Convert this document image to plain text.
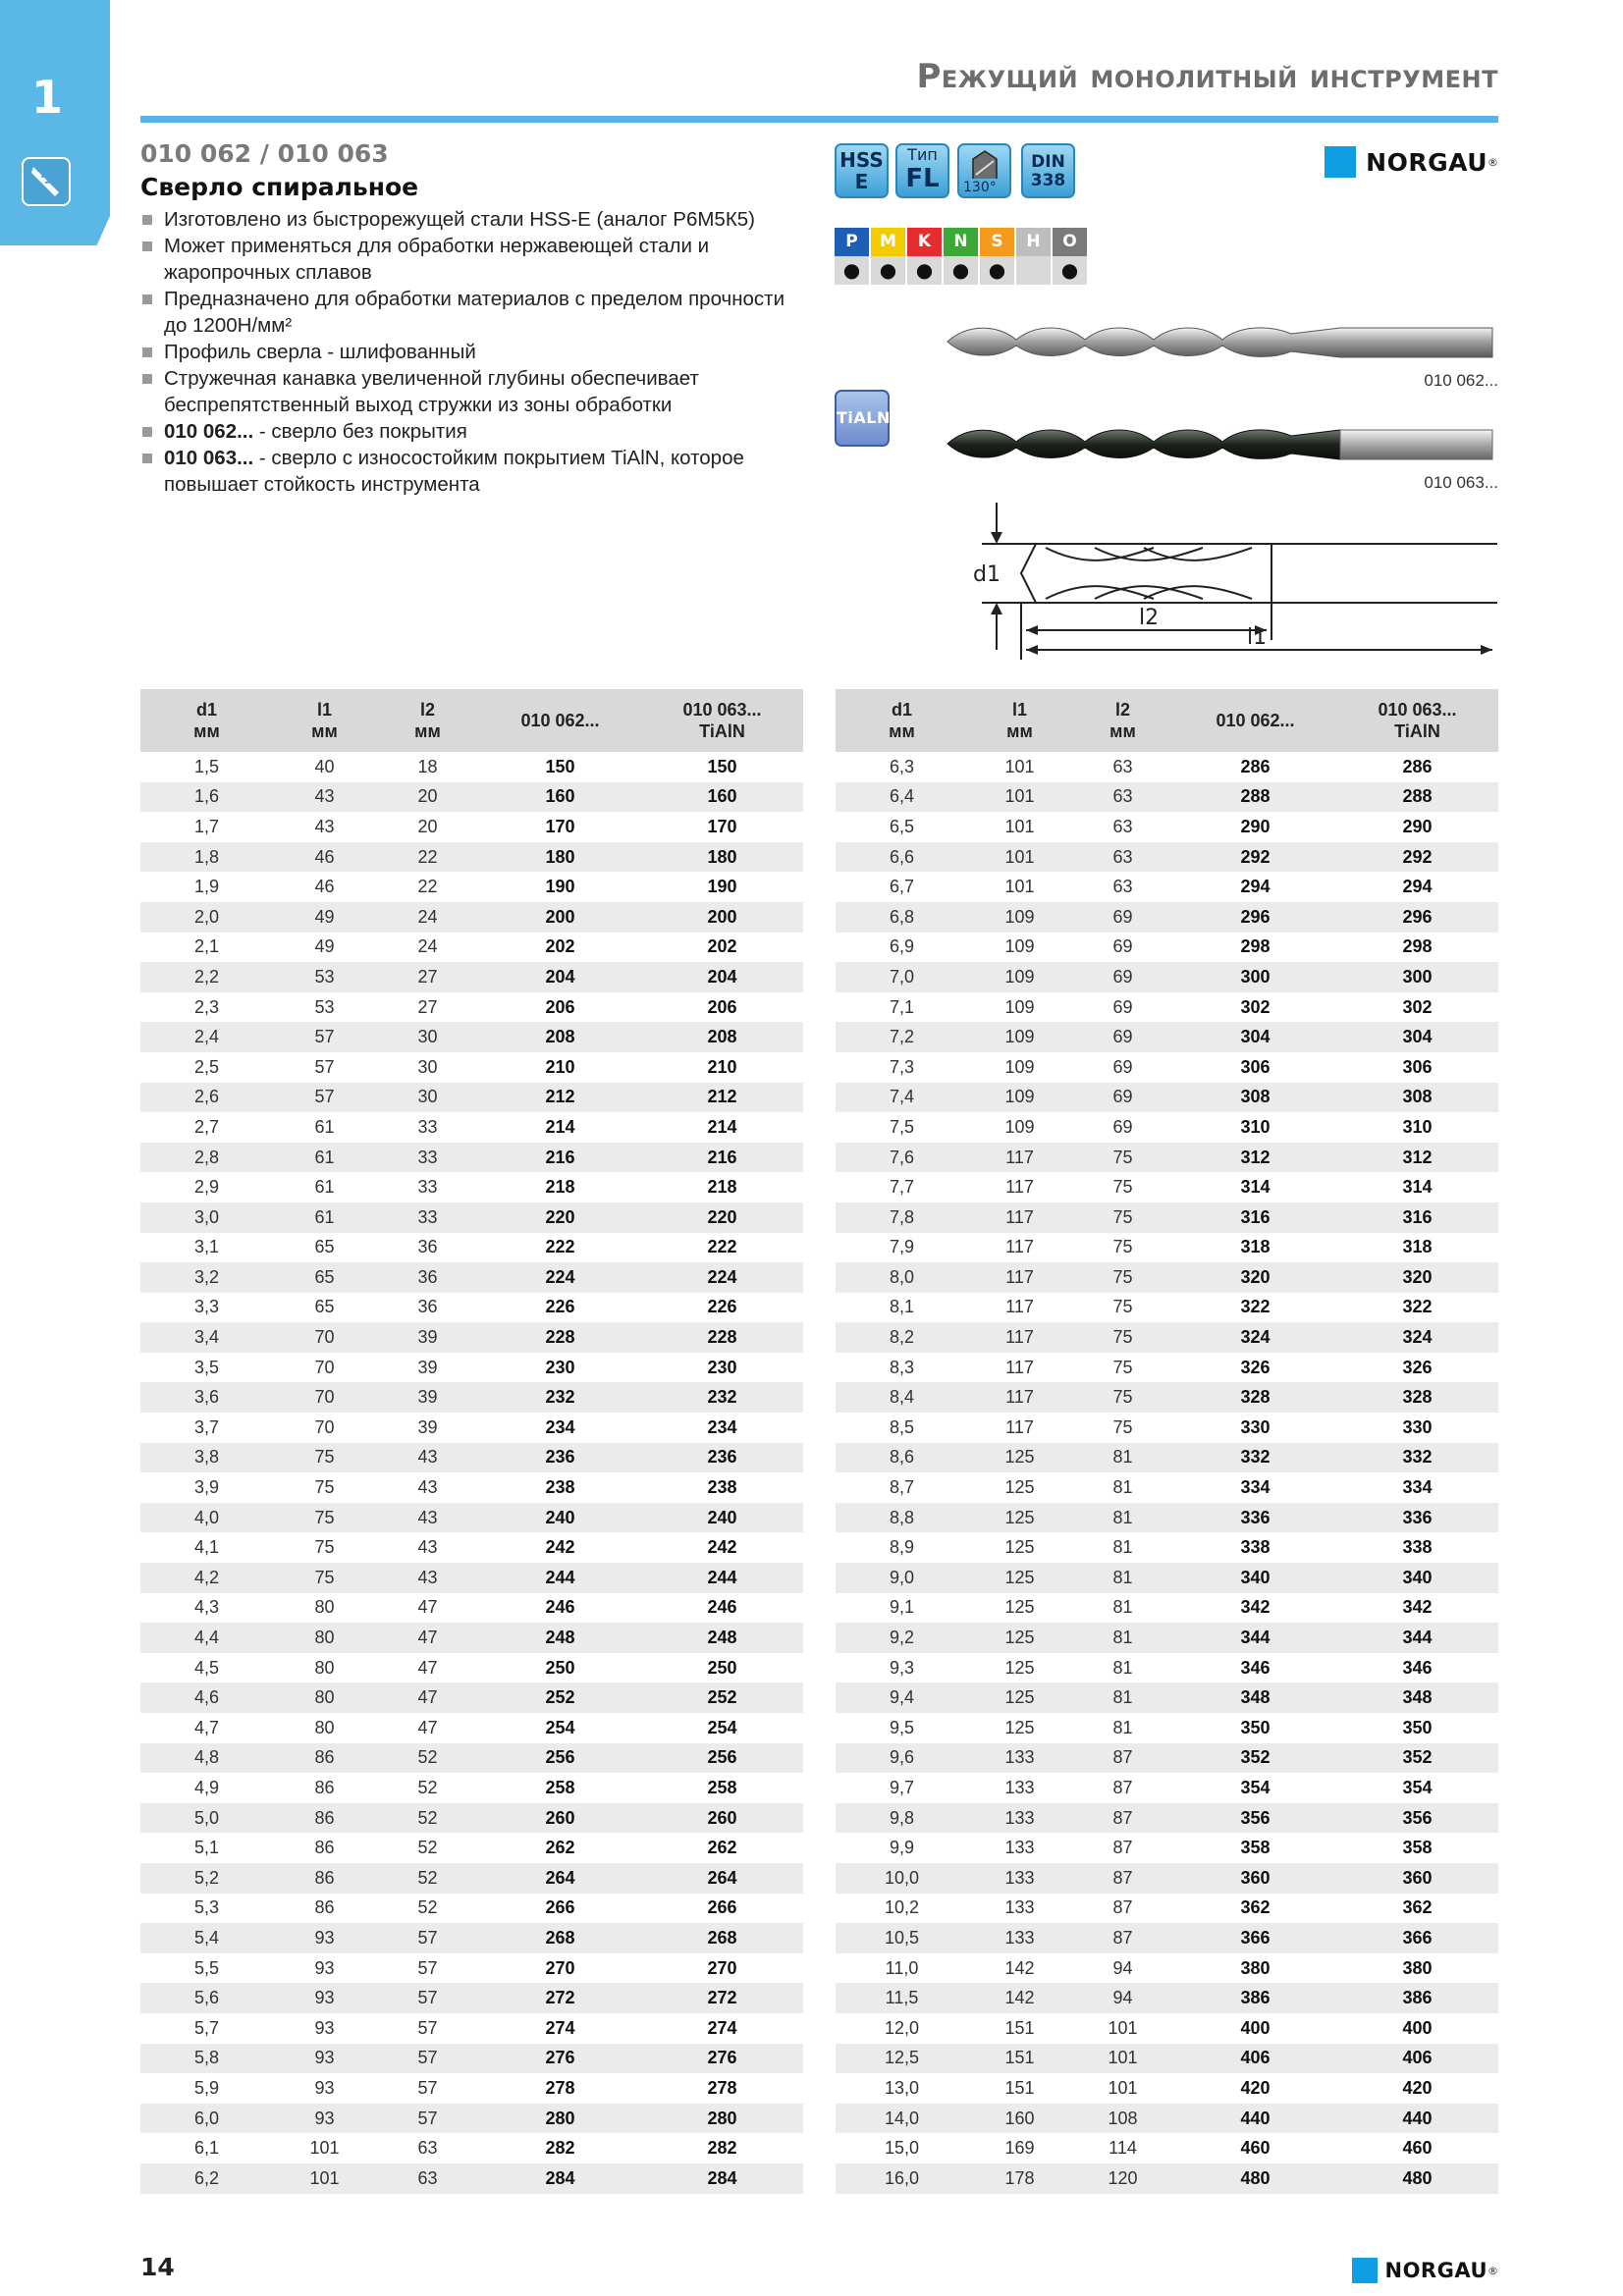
1	Режущий монолитный инструмент
010 062 / 010 063
Сверло спиральное
Изготовлено из быстрорежущей стали HSS-E (аналог Р6М5К5)
Может применяться для обработки нержавеющей стали и жаропрочных сплавов
Предназначено для обработки материалов с пределом прочности до 1200Н/мм²
Профиль сверла - шлифованный
Стружечная канавка увеличенной глубины обеспечивает беспрепятственный выход стружки из зоны обработки
010 062... - сверло без покрытия
010 063... - сверло с износостойким покрытием TiAlN, которое повышает стойкость инструмента
HSS
E
Тип
FL	130°
DIN
338
NORGAU ®
P
●
M
●
K
●
N
●
S
●
H	O
●
010 062...
TiALN
010 063...
d1
l2
l1
d1
мм	l1
мм	l2
мм	010 062...	010 063...
TiAlN
1,5	40	18	150	150
1,6	43	20	160	160
1,7	43	20	170	170
1,8	46	22	180	180
1,9	46	22	190	190
2,0	49	24	200	200
2,1	49	24	202	202
2,2	53	27	204	204
2,3	53	27	206	206
2,4	57	30	208	208
2,5	57	30	210	210
2,6	57	30	212	212
2,7	61	33	214	214
2,8	61	33	216	216
2,9	61	33	218	218
3,0	61	33	220	220
3,1	65	36	222	222
3,2	65	36	224	224
3,3	65	36	226	226
3,4	70	39	228	228
3,5	70	39	230	230
3,6	70	39	232	232
3,7	70	39	234	234
3,8	75	43	236	236
3,9	75	43	238	238
4,0	75	43	240	240
4,1	75	43	242	242
4,2	75	43	244	244
4,3	80	47	246	246
4,4	80	47	248	248
4,5	80	47	250	250
4,6	80	47	252	252
4,7	80	47	254	254
4,8	86	52	256	256
4,9	86	52	258	258
5,0	86	52	260	260
5,1	86	52	262	262
5,2	86	52	264	264
5,3	86	52	266	266
5,4	93	57	268	268
5,5	93	57	270	270
5,6	93	57	272	272
5,7	93	57	274	274
5,8	93	57	276	276
5,9	93	57	278	278
6,0	93	57	280	280
6,1	101	63	282	282
6,2	101	63	284	284
d1
мм	l1
мм	l2
мм	010 062...	010 063...
TiAlN
6,3	101	63	286	286
6,4	101	63	288	288
6,5	101	63	290	290
6,6	101	63	292	292
6,7	101	63	294	294
6,8	109	69	296	296
6,9	109	69	298	298
7,0	109	69	300	300
7,1	109	69	302	302
7,2	109	69	304	304
7,3	109	69	306	306
7,4	109	69	308	308
7,5	109	69	310	310
7,6	117	75	312	312
7,7	117	75	314	314
7,8	117	75	316	316
7,9	117	75	318	318
8,0	117	75	320	320
8,1	117	75	322	322
8,2	117	75	324	324
8,3	117	75	326	326
8,4	117	75	328	328
8,5	117	75	330	330
8,6	125	81	332	332
8,7	125	81	334	334
8,8	125	81	336	336
8,9	125	81	338	338
9,0	125	81	340	340
9,1	125	81	342	342
9,2	125	81	344	344
9,3	125	81	346	346
9,4	125	81	348	348
9,5	125	81	350	350
9,6	133	87	352	352
9,7	133	87	354	354
9,8	133	87	356	356
9,9	133	87	358	358
10,0	133	87	360	360
10,2	133	87	362	362
10,5	133	87	366	366
11,0	142	94	380	380
11,5	142	94	386	386
12,0	151	101	400	400
12,5	151	101	406	406
13,0	151	101	420	420
14,0	160	108	440	440
15,0	169	114	460	460
16,0	178	120	480	480
14	NORGAU ®
